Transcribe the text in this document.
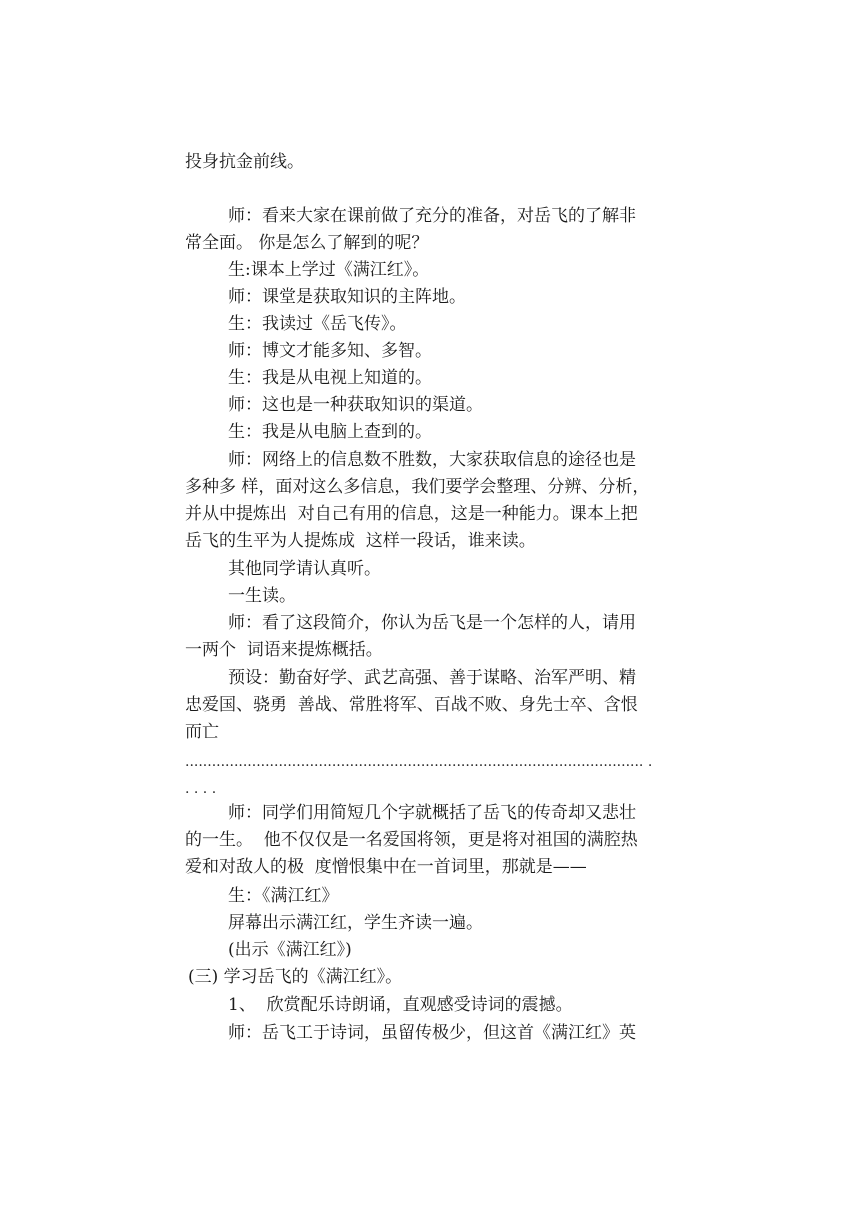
投身抗金前线。

师：看来大家在课前做了充分的准备，对岳飞的了解非

常全面。 你是怎么了解到的呢？

生:课本上学过《满江红》。

师：课堂是获取知识的主阵地。

生：我读过《岳飞传》。

师：博文才能多知、多智。

生：我是从电视上知道的。

师：这也是一种获取知识的渠道。

生：我是从电脑上查到的。

师：网络上的信息数不胜数，大家获取信息的途径也是

多种多 样，面对这么多信息，我们要学会整理、分辨、分析，

并从中提炼出  对自己有用的信息，这是一种能力。课本上把

岳飞的生平为人提炼成  这样一段话，谁来读。

其他同学请认真听。

一生读。

师：看了这段简介，你认为岳飞是一个怎样的人，请用

一两个  词语来提炼概括。

预设：勤奋好学、武艺高强、善于谋略、治军严明、精

忠爱国、骁勇  善战、常胜将军、百战不败、身先士卒、含恨

而亡

....................................................................................................... .
. . . .

师：同学们用简短几个字就概括了岳飞的传奇却又悲壮

的一生。  他不仅仅是一名爱国将领，更是将对祖国的满腔热

爱和对敌人的极  度憎恨集中在一首词里，那就是——

生：《满江红》

屏幕出示满江红，学生齐读一遍。

(出示《满江红》)

(三) 学习岳飞的《满江红》。

1、  欣赏配乐诗朗诵，直观感受诗词的震撼。

师：岳飞工于诗词，虽留传极少，但这首《满江红》英
